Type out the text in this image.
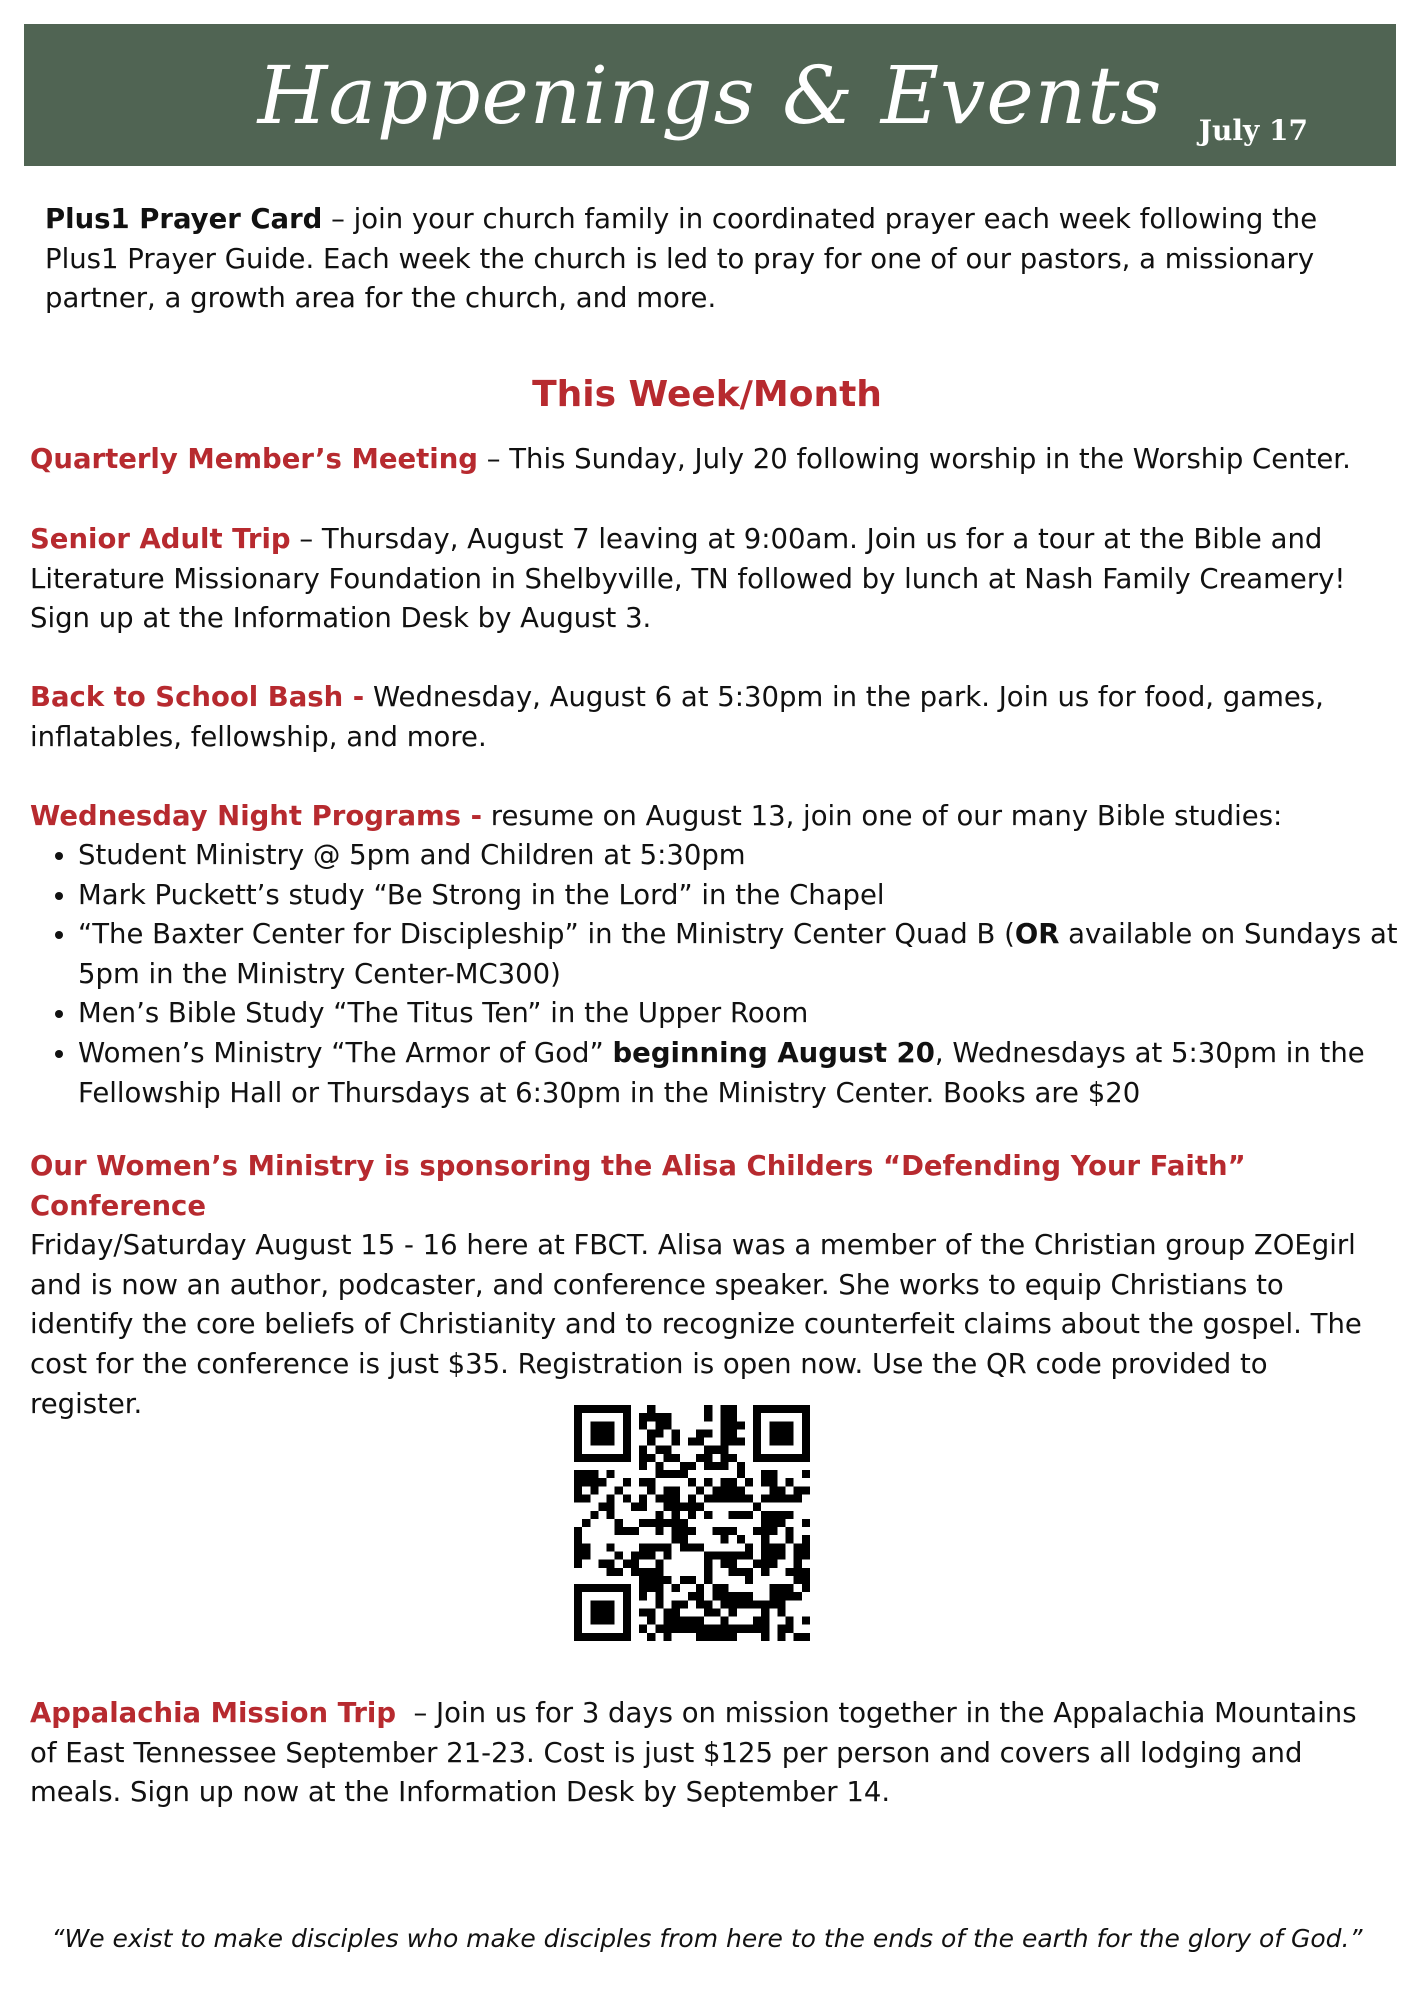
Happenings & Events	July 17

Plus1 Prayer Card – join your church family in coordinated prayer each week following the Plus1 Prayer Guide. Each week the church is led to pray for one of our pastors, a missionary partner, a growth area for the church, and more.

This Week/Month

Quarterly Member’s Meeting – This Sunday, July 20 following worship in the Worship Center.

Senior Adult Trip – Thursday, August 7 leaving at 9:00am. Join us for a tour at the Bible and Literature Missionary Foundation in Shelbyville, TN followed by lunch at Nash Family Creamery! Sign up at the Information Desk by August 3.

Back to School Bash - Wednesday, August 6 at 5:30pm in the park. Join us for food, games, inflatables, fellowship, and more.

Wednesday Night Programs - resume on August 13, join one of our many Bible studies:

• Student Ministry @ 5pm and Children at 5:30pm
• Mark Puckett’s study “Be Strong in the Lord” in the Chapel
• “The Baxter Center for Discipleship” in the Ministry Center Quad B (OR available on Sundays at 5pm in the Ministry Center-MC300)
• Men’s Bible Study “The Titus Ten” in the Upper Room
• Women’s Ministry “The Armor of God” beginning August 20, Wednesdays at 5:30pm in the Fellowship Hall or Thursdays at 6:30pm in the Ministry Center. Books are $20

Our Women’s Ministry is sponsoring the Alisa Childers “Defending Your Faith” Conference
Friday/Saturday August 15 - 16 here at FBCT. Alisa was a member of the Christian group ZOEgirl and is now an author, podcaster, and conference speaker. She works to equip Christians to identify the core beliefs of Christianity and to recognize counterfeit claims about the gospel. The cost for the conference is just $35. Registration is open now. Use the QR code provided to register.

Appalachia Mission Trip  – Join us for 3 days on mission together in the Appalachia Mountains of East Tennessee September 21-23. Cost is just $125 per person and covers all lodging and meals. Sign up now at the Information Desk by September 14.

“We exist to make disciples who make disciples from here to the ends of the earth for the glory of God.”
